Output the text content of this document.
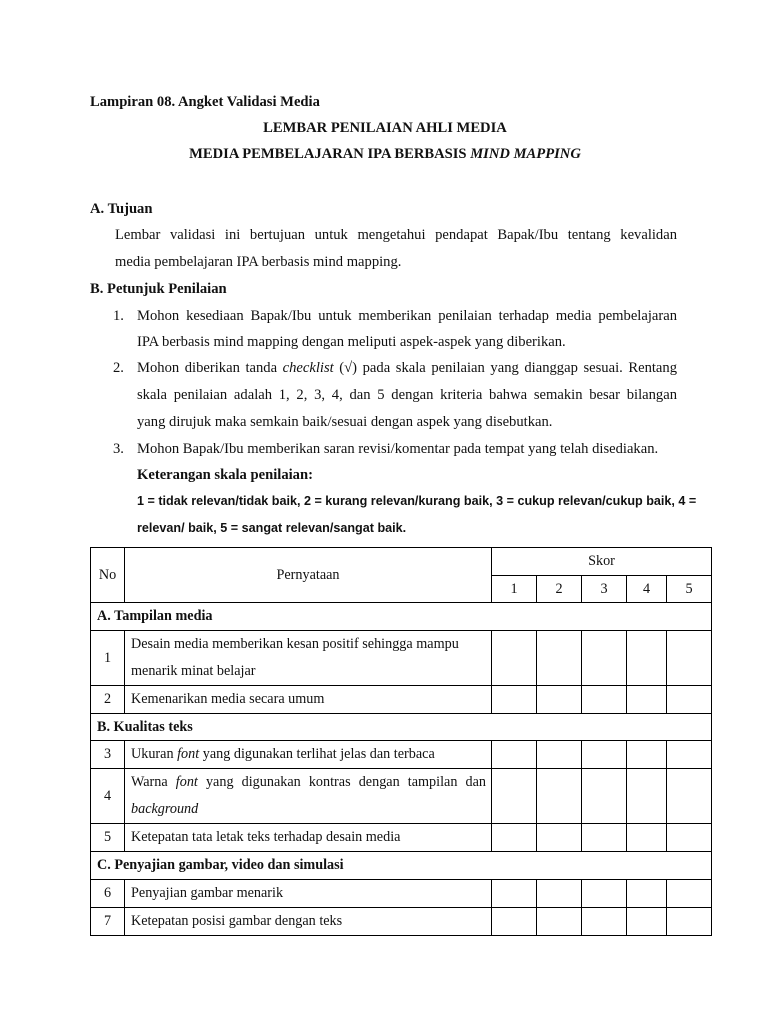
Lampiran 08. Angket Validasi Media
LEMBAR PENILAIAN AHLI MEDIA
MEDIA PEMBELAJARAN IPA BERBASIS MIND MAPPING
A. Tujuan
Lembar validasi ini bertujuan untuk mengetahui pendapat Bapak/Ibu tentang kevalidan
media pembelajaran IPA berbasis mind mapping.
B. Petunjuk Penilaian
1. Mohon kesediaan Bapak/Ibu untuk memberikan penilaian terhadap media pembelajaran
IPA berbasis mind mapping dengan meliputi aspek-aspek yang diberikan.
2. Mohon diberikan tanda checklist (√) pada skala penilaian yang dianggap sesuai. Rentang
skala penilaian adalah 1, 2, 3, 4, dan 5 dengan kriteria bahwa semakin besar bilangan
yang dirujuk maka semkain baik/sesuai dengan aspek yang disebutkan.
3. Mohon Bapak/Ibu memberikan saran revisi/komentar pada tempat yang telah disediakan.
Keterangan skala penilaian:
1 = tidak relevan/tidak baik, 2 = kurang relevan/kurang baik, 3 = cukup relevan/cukup baik, 4 =
relevan/ baik, 5 = sangat relevan/sangat baik.
No	Pernyataan	Skor				
		1	2	3	4	5
A. Tampilan media						
1	Desain media memberikan kesan positif sehingga mampu
menarik minat belajar					
2	Kemenarikan media secara umum					
B. Kualitas teks						
3	Ukuran font yang digunakan terlihat jelas dan terbaca					
4	Warna font yang digunakan kontras dengan tampilan dan
background					
5	Ketepatan tata letak teks terhadap desain media					
C. Penyajian gambar, video dan simulasi						
6	Penyajian gambar menarik					
7	Ketepatan posisi gambar dengan teks					
